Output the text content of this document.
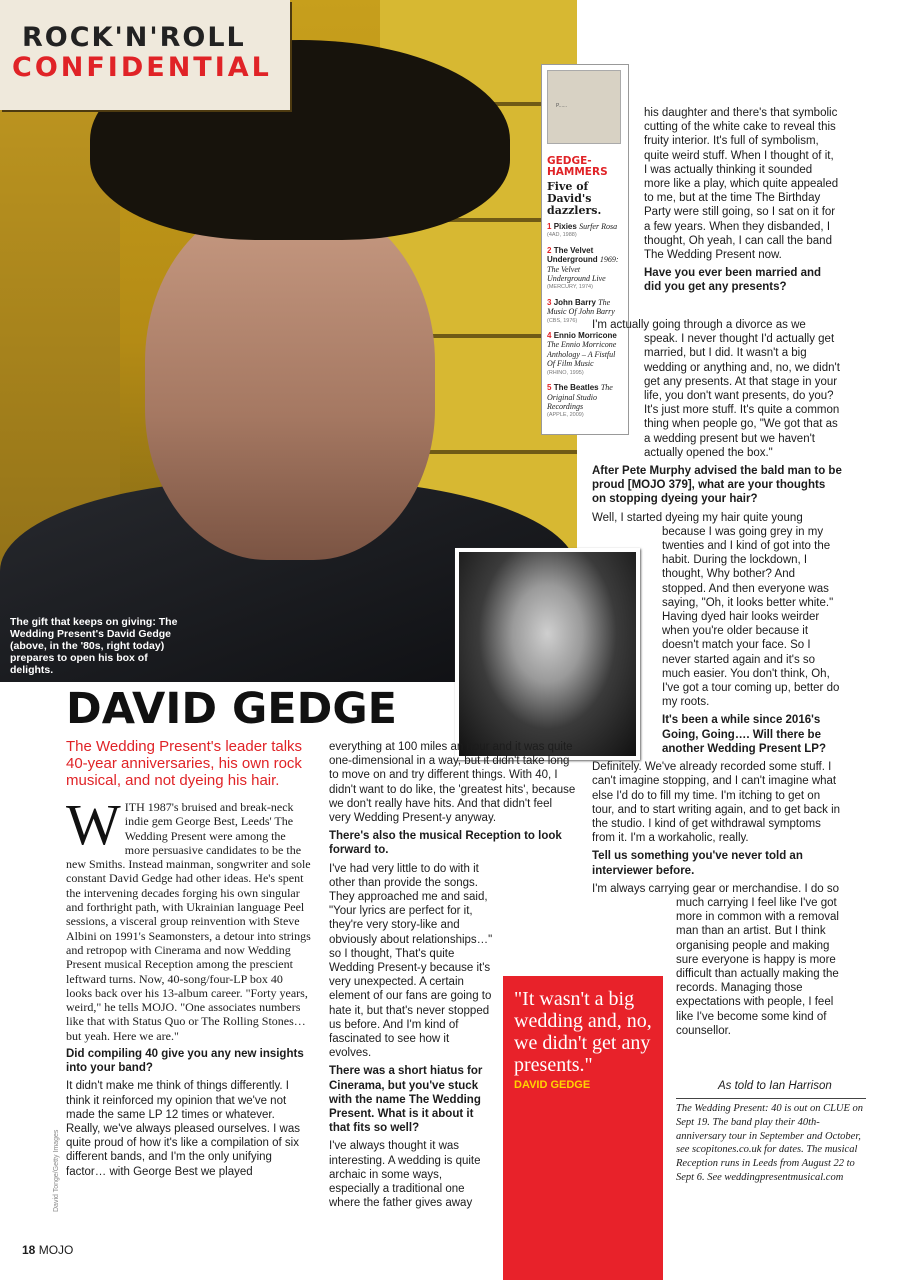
ROCK'N'ROLL
CONFIDENTIAL
The gift that keeps on giving: The Wedding Present's David Gedge (above, in the '80s, right today) prepares to open his box of delights.
P......
GEDGE-HAMMERS
Five of David's dazzlers.
1 Pixies Surfer Rosa
(4AD, 1988)
2 The Velvet Underground 1969: The Velvet Underground Live
(MERCURY, 1974)
3 John Barry The Music Of John Barry
(CBS, 1976)
4 Ennio Morricone The Ennio Morricone Anthology – A Fistful Of Film Music
(RHINO, 1995)
5 The Beatles The Original Studio Recordings
(APPLE, 2009)
DAVID GEDGE
The Wedding Present's leader talks 40-year anniversaries, his own rock musical, and not dyeing his hair.
David Tonge/Getty Images

WITH 1987's bruised and break-neck indie gem George Best, Leeds' The Wedding Present were among the more persuasive candidates to be the new Smiths. Instead mainman, songwriter and sole constant David Gedge had other ideas. He's spent the intervening decades forging his own singular and forthright path, with Ukrainian language Peel sessions, a visceral group reinvention with Steve Albini on 1991's Seamonsters, a detour into strings and retropop with Cinerama and now Wedding Present musical Reception among the prescient leftward turns. Now, 40-song/four-LP box 40 looks back over his 13-album career. "Forty years, weird," he tells MOJO. "One associates numbers like that with Status Quo or The Rolling Stones… but yeah. Here we are."

Did compiling 40 give you any new insights into your band?

It didn't make me think of things differently. I think it reinforced my opinion that we've not made the same LP 12 times or whatever. Really, we've always pleased ourselves. I was quite proud of how it's like a compilation of six different bands, and I'm the only unifying factor… with George Best we played

everything at 100 miles an hour and it was quite one-dimensional in a way, but it didn't take long to move on and try different things. With 40, I didn't want to do like, the 'greatest hits', because we don't really have hits. And that didn't feel very Wedding Present-y anyway.

There's also the musical Reception to look forward to.

I've had very little to do with it other than provide the songs. They approached me and said, "Your lyrics are perfect for it, they're very story-like and obviously about relationships…" so I thought, That's quite Wedding Present-y because it's very unexpected. A certain element of our fans are going to hate it, but that's never stopped us before. And I'm kind of fascinated to see how it evolves.

There was a short hiatus for Cinerama, but you've stuck with the name The Wedding Present. What is it about it that fits so well?

I've always thought it was interesting. A wedding is quite archaic in some ways, especially a traditional one where the father gives away

"It wasn't a big wedding and, no, we didn't get any presents."
DAVID GEDGE

his daughter and there's that symbolic cutting of the white cake to reveal this fruity interior. It's full of symbolism, quite weird stuff. When I thought of it, I was actually thinking it sounded more like a play, which quite appealed to me, but at the time The Birthday Party were still going, so I sat on it for a few years. When they disbanded, I thought, Oh yeah, I can call the band The Wedding Present now.

Have you ever been married and did you get any presents?

I'm actually going through a divorce as we speak. I never thought I'd actually get married, but I did. It wasn't a big wedding or anything and, no, we didn't get any presents. At that stage in your life, you don't want presents, do you? It's just more stuff. It's quite a common thing when people go, "We got that as a wedding present but we haven't actually opened the box."

After Pete Murphy advised the bald man to be proud [MOJO 379], what are your thoughts on stopping dyeing your hair?

Well, I started dyeing my hair quite young because I was going grey in my twenties and I kind of got into the habit. During the lockdown, I thought, Why bother? And stopped. And then everyone was saying, "Oh, it looks better white." Having dyed hair looks weirder when you're older because it doesn't match your face. So I never started again and it's so much easier. You don't think, Oh, I've got a tour coming up, better do my roots.

It's been a while since 2016's Going, Going…. Will there be another Wedding Present LP?

Definitely. We've already recorded some stuff. I can't imagine stopping, and I can't imagine what else I'd do to fill my time. I'm itching to get on tour, and to start writing again, and to get back in the studio. I kind of get withdrawal symptoms from it. I'm a workaholic, really.

Tell us something you've never told an interviewer before.

I'm always carrying gear or merchandise. I do so much carrying I feel like I've got more in common with a removal man than an artist. But I think organising people and making sure everyone is happy is more difficult than actually making the records. Managing those expectations with people, I feel like I've become some kind of counsellor.

As told to Ian Harrison
The Wedding Present: 40 is out on CLUE on Sept 19. The band play their 40th-anniversary tour in September and October, see scopitones.co.uk for dates. The musical Reception runs in Leeds from August 22 to Sept 6. See weddingpresentmusical.com
18 MOJO
